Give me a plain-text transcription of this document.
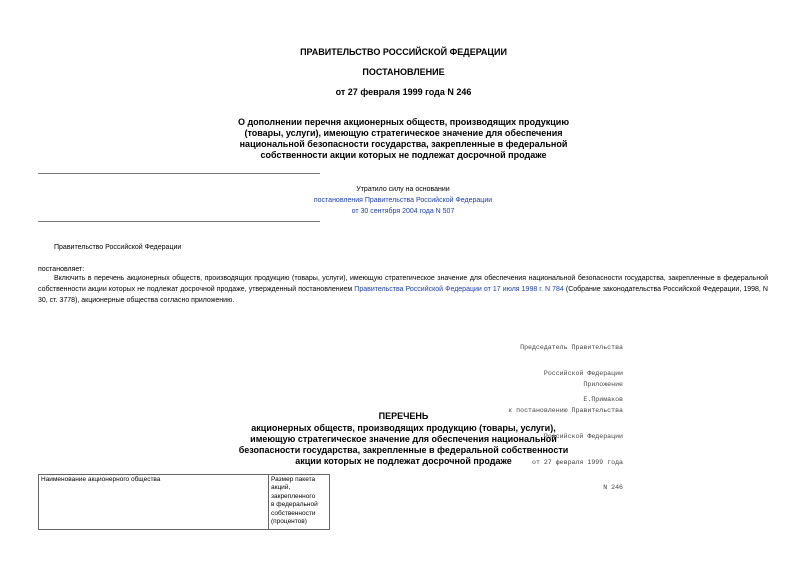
ПРАВИТЕЛЬСТВО РОССИЙСКОЙ ФЕДЕРАЦИИ
ПОСТАНОВЛЕНИЕ
от 27 февраля 1999 года N 246
О дополнении перечня акционерных обществ, производящих продукцию
(товары, услуги), имеющую стратегическое значение для обеспечения
национальной безопасности государства, закрепленные в федеральной
собственности акции которых не подлежат досрочной продаже
Утратило силу на основании
постановления Правительства Российской Федерации
от 30 сентября 2004 года N 507
Правительство Российской Федерации
постановляет:
Включить в перечень акционерных обществ, производящих продукцию (товары, услуги), имеющую стратегическое значение для обеспечения национальной безопасности государства, закрепленные в федеральной собственности акции которых не подлежат досрочной продаже, утвержденный постановлением Правительства Российской Федерации от 17 июля 1998 г. N 784 (Собрание законодательства Российской Федерации, 1998, N 30, ст. 3778), акционерные общества согласно приложению.

Председатель Правительства

Российской Федерации

Е.Примаков

Приложение

к постановлению Правительства

Российской Федерации

от 27 февраля 1999 года

N 246

ПЕРЕЧЕНЬ
акционерных обществ, производящих продукцию (товары, услуги),
имеющую стратегическое значение для обеспечения национальной
безопасности государства, закрепленные в федеральной собственности
акции которых не подлежат досрочной продаже
Наименование акционерного общества	Размер пакета
акций,
закрепленного
в федеральной
собственности
(процентов)
